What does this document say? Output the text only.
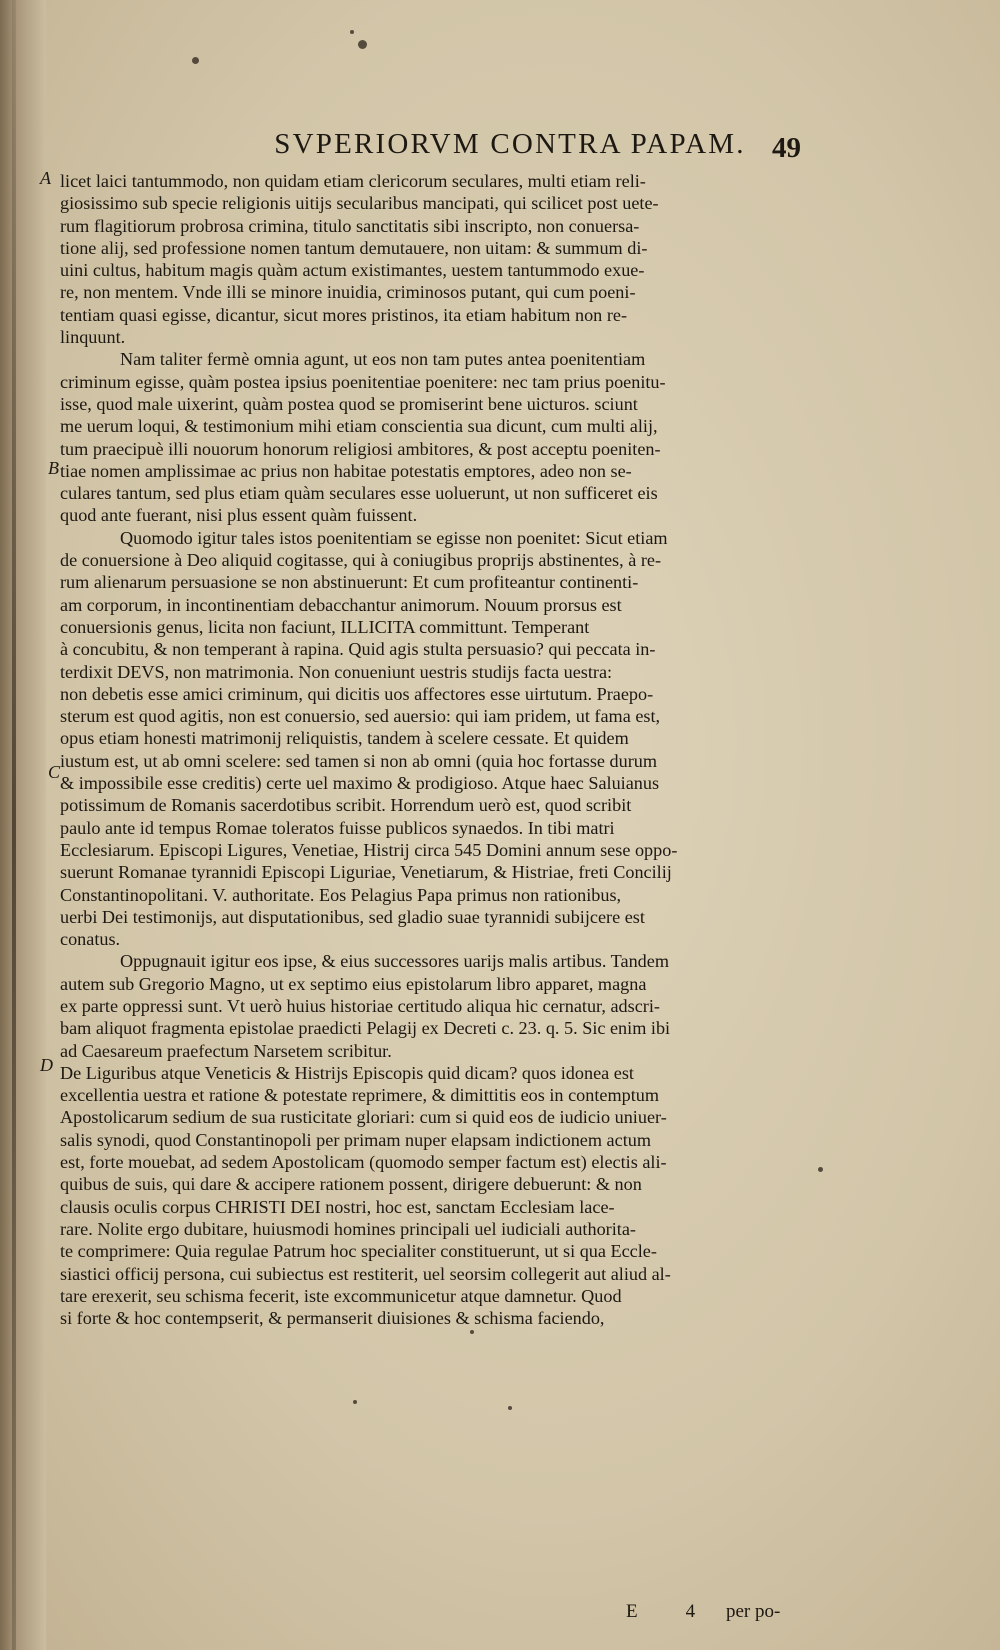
SVPERIORVM CONTRA PAPAM. 49
A
B
C
D
licet laici tantummodo, non quidam etiam clericorum seculares, multi etiam reli-
giosissimo sub specie religionis uitijs secularibus mancipati, qui scilicet post uete-
rum flagitiorum probrosa crimina, titulo sanctitatis sibi inscripto, non conuersa-
tione alij, sed professione nomen tantum demutauere, non uitam: & summum di-
uini cultus, habitum magis quàm actum existimantes, uestem tantummodo exue-
re, non mentem. Vnde illi se minore inuidia, criminosos putant, qui cum poeni-
tentiam quasi egisse, dicantur, sicut mores pristinos, ita etiam habitum non re-
linquunt.
Nam taliter fermè omnia agunt, ut eos non tam putes antea poenitentiam
criminum egisse, quàm postea ipsius poenitentiae poenitere: nec tam prius poenitu-
isse, quod male uixerint, quàm postea quod se promiserint bene uicturos. sciunt
me uerum loqui, & testimonium mihi etiam conscientia sua dicunt, cum multi alij,
tum praecipuè illi nouorum honorum religiosi ambitores, & post acceptu poeniten-
tiae nomen amplissimae ac prius non habitae potestatis emptores, adeo non se-
culares tantum, sed plus etiam quàm seculares esse uoluerunt, ut non sufficeret eis
quod ante fuerant, nisi plus essent quàm fuissent.
Quomodo igitur tales istos poenitentiam se egisse non poenitet: Sicut etiam
de conuersione à Deo aliquid cogitasse, qui à coniugibus proprijs abstinentes, à re-
rum alienarum persuasione se non abstinuerunt: Et cum profiteantur continenti-
am corporum, in incontinentiam debacchantur animorum. Nouum prorsus est
conuersionis genus, licita non faciunt, ILLICITA committunt. Temperant
à concubitu, & non temperant à rapina. Quid agis stulta persuasio? qui peccata in-
terdixit DEVS, non matrimonia. Non conueniunt uestris studijs facta uestra:
non debetis esse amici criminum, qui dicitis uos affectores esse uirtutum. Praepo-
sterum est quod agitis, non est conuersio, sed auersio: qui iam pridem, ut fama est,
opus etiam honesti matrimonij reliquistis, tandem à scelere cessate. Et quidem
iustum est, ut ab omni scelere: sed tamen si non ab omni (quia hoc fortasse durum
& impossibile esse creditis) certe uel maximo & prodigioso. Atque haec Saluianus
potissimum de Romanis sacerdotibus scribit. Horrendum uerò est, quod scribit
paulo ante id tempus Romae toleratos fuisse publicos synaedos. In tibi matri
Ecclesiarum. Episcopi Ligures, Venetiae, Histrij circa 545 Domini annum sese oppo-
suerunt Romanae tyrannidi Episcopi Liguriae, Venetiarum, & Histriae, freti Concilij
Constantinopolitani. V. authoritate. Eos Pelagius Papa primus non rationibus,
uerbi Dei testimonijs, aut disputationibus, sed gladio suae tyrannidi subijcere est
conatus.
Oppugnauit igitur eos ipse, & eius successores uarijs malis artibus. Tandem
autem sub Gregorio Magno, ut ex septimo eius epistolarum libro apparet, magna
ex parte oppressi sunt. Vt uerò huius historiae certitudo aliqua hic cernatur, adscri-
bam aliquot fragmenta epistolae praedicti Pelagij ex Decreti c. 23. q. 5. Sic enim ibi
ad Caesareum praefectum Narsetem scribitur.
De Liguribus atque Veneticis & Histrijs Episcopis quid dicam? quos idonea est
excellentia uestra et ratione & potestate reprimere, & dimittitis eos in contemptum
Apostolicarum sedium de sua rusticitate gloriari: cum si quid eos de iudicio uniuer-
salis synodi, quod Constantinopoli per primam nuper elapsam indictionem actum
est, forte mouebat, ad sedem Apostolicam (quomodo semper factum est) electis ali-
quibus de suis, qui dare & accipere rationem possent, dirigere debuerunt: & non
clausis oculis corpus CHRISTI DEI nostri, hoc est, sanctam Ecclesiam lace-
rare. Nolite ergo dubitare, huiusmodi homines principali uel iudiciali authorita-
te comprimere: Quia regulae Patrum hoc specialiter constituerunt, ut si qua Eccle-
siastici officij persona, cui subiectus est restiterit, uel seorsim collegerit aut aliud al-
tare erexerit, seu schisma fecerit, iste excommunicetur atque damnetur. Quod
si forte & hoc contempserit, & permanserit diuisiones & schisma faciendo,
E 4 per po-
